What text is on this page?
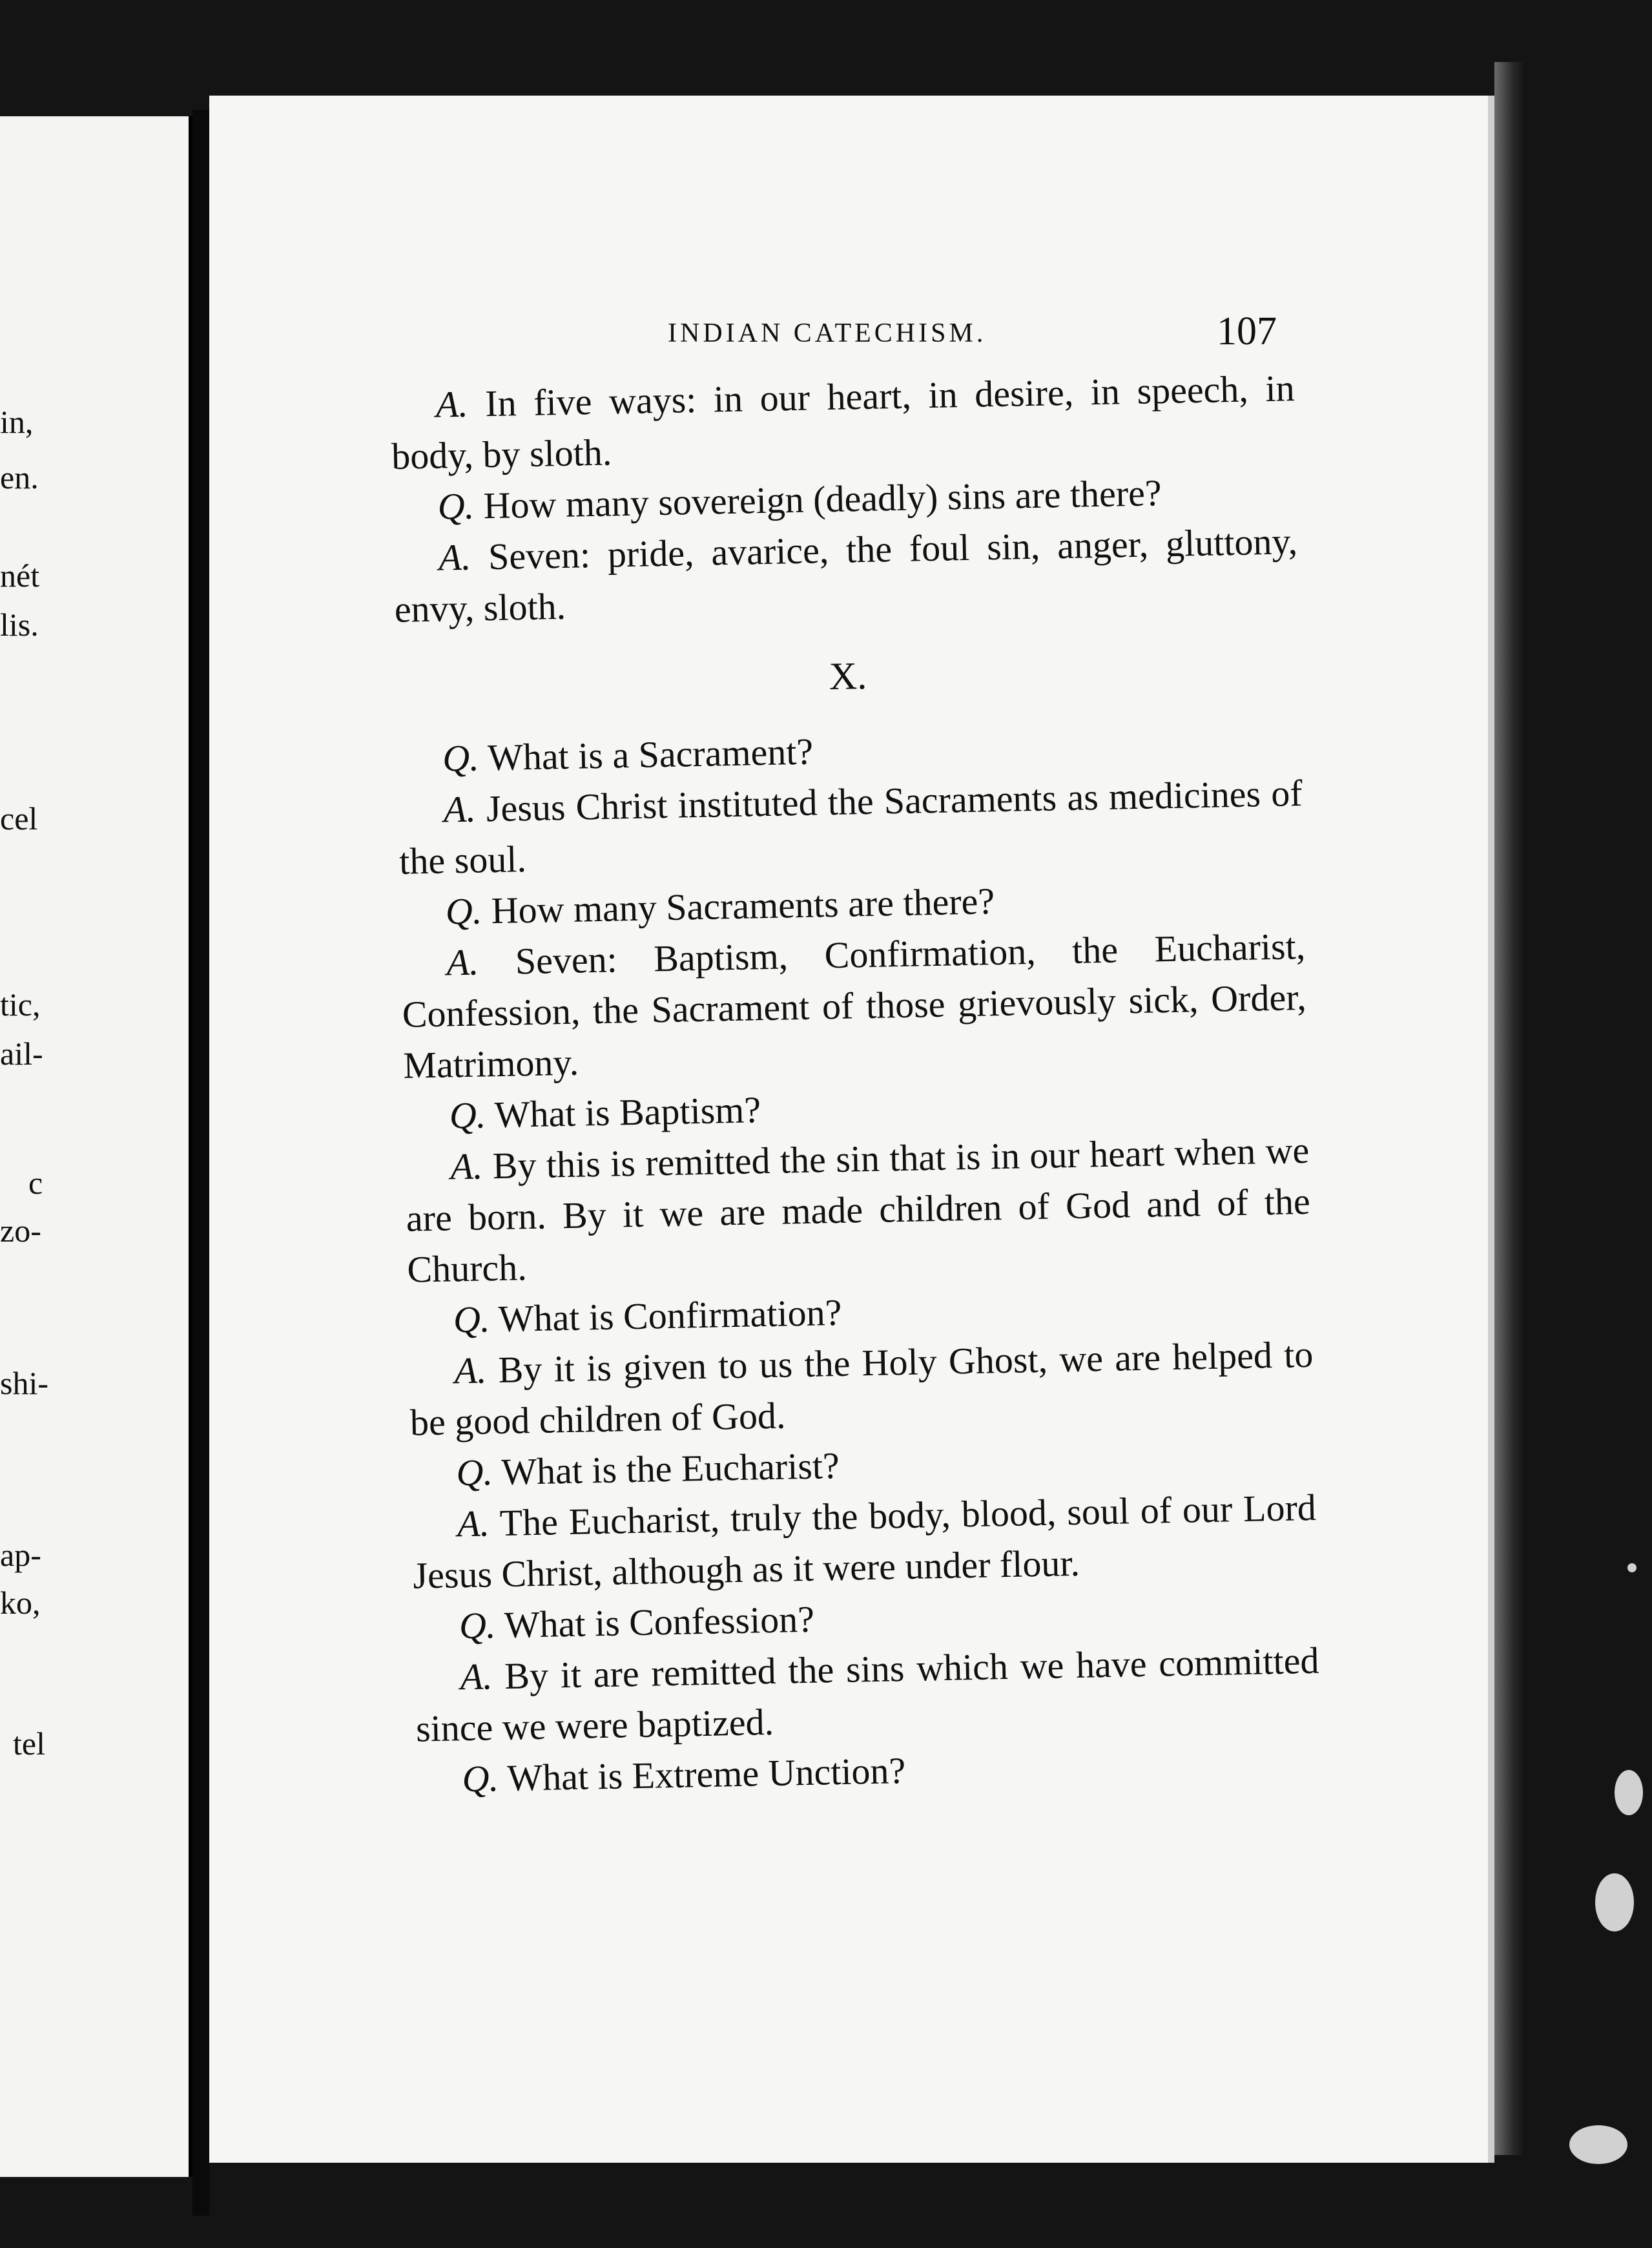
in,
en.
nét
lis.
cel
tic,
ail-
c
zo-
shi-
ap-
ko,
tel
INDIAN CATECHISM.	107

A. In five ways: in our heart, in desire, in speech, in body, by sloth.

Q. How many sovereign (deadly) sins are there?

A. Seven: pride, avarice, the foul sin, anger, gluttony, envy, sloth.

X.

Q. What is a Sacrament?

A. Jesus Christ instituted the Sacraments as medicines of the soul.

Q. How many Sacraments are there?

A. Seven: Baptism, Confirmation, the Eucharist, Confession, the Sacrament of those grievously sick, Order, Matrimony.

Q. What is Baptism?

A. By this is remitted the sin that is in our heart when we are born. By it we are made children of God and of the Church.

Q. What is Confirmation?

A. By it is given to us the Holy Ghost, we are helped to be good children of God.

Q. What is the Eucharist?

A. The Eucharist, truly the body, blood, soul of our Lord Jesus Christ, although as it were under flour.

Q. What is Confession?

A. By it are remitted the sins which we have committed since we were baptized.

Q. What is Extreme Unction?
